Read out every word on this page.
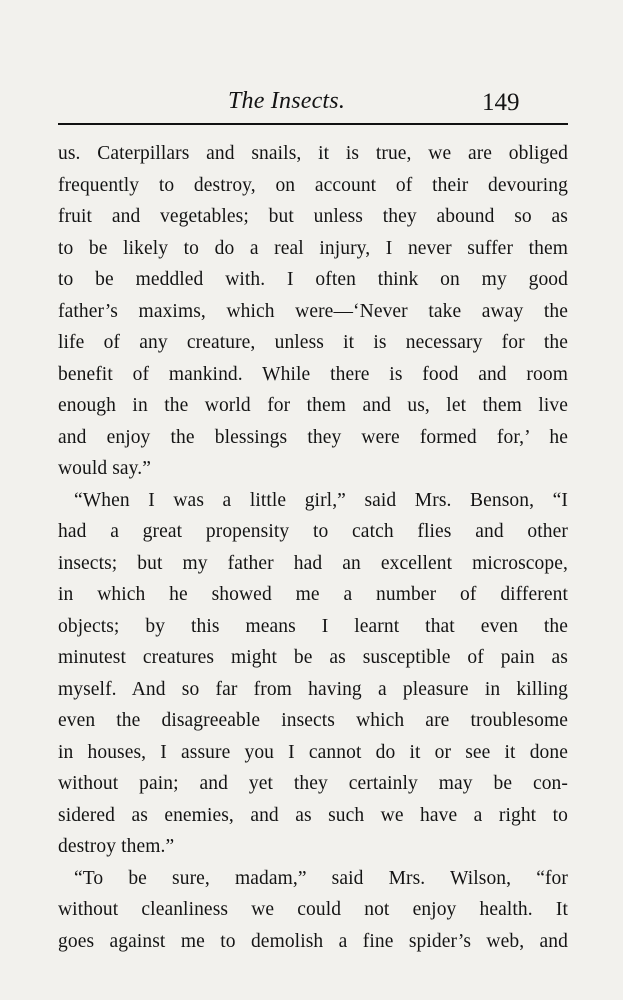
The Insects.	149
us. Caterpillars and snails, it is true, we are obliged
frequently to destroy, on account of their devouring
fruit and vegetables; but unless they abound so as
to be likely to do a real injury, I never suffer them
to be meddled with. I often think on my good
father’s maxims, which were—‘Never take away the
life of any creature, unless it is necessary for the
benefit of mankind. While there is food and room
enough in the world for them and us, let them live
and enjoy the blessings they were formed for,’ he
would say.”
“When I was a little girl,” said Mrs. Benson, “I
had a great propensity to catch flies and other
insects; but my father had an excellent microscope,
in which he showed me a number of different
objects; by this means I learnt that even the
minutest creatures might be as susceptible of pain as
myself. And so far from having a pleasure in killing
even the disagreeable insects which are troublesome
in houses, I assure you I cannot do it or see it done
without pain; and yet they certainly may be con-
sidered as enemies, and as such we have a right to
destroy them.”
“To be sure, madam,” said Mrs. Wilson, “for
without cleanliness we could not enjoy health. It
goes against me to demolish a fine spider’s web, and
